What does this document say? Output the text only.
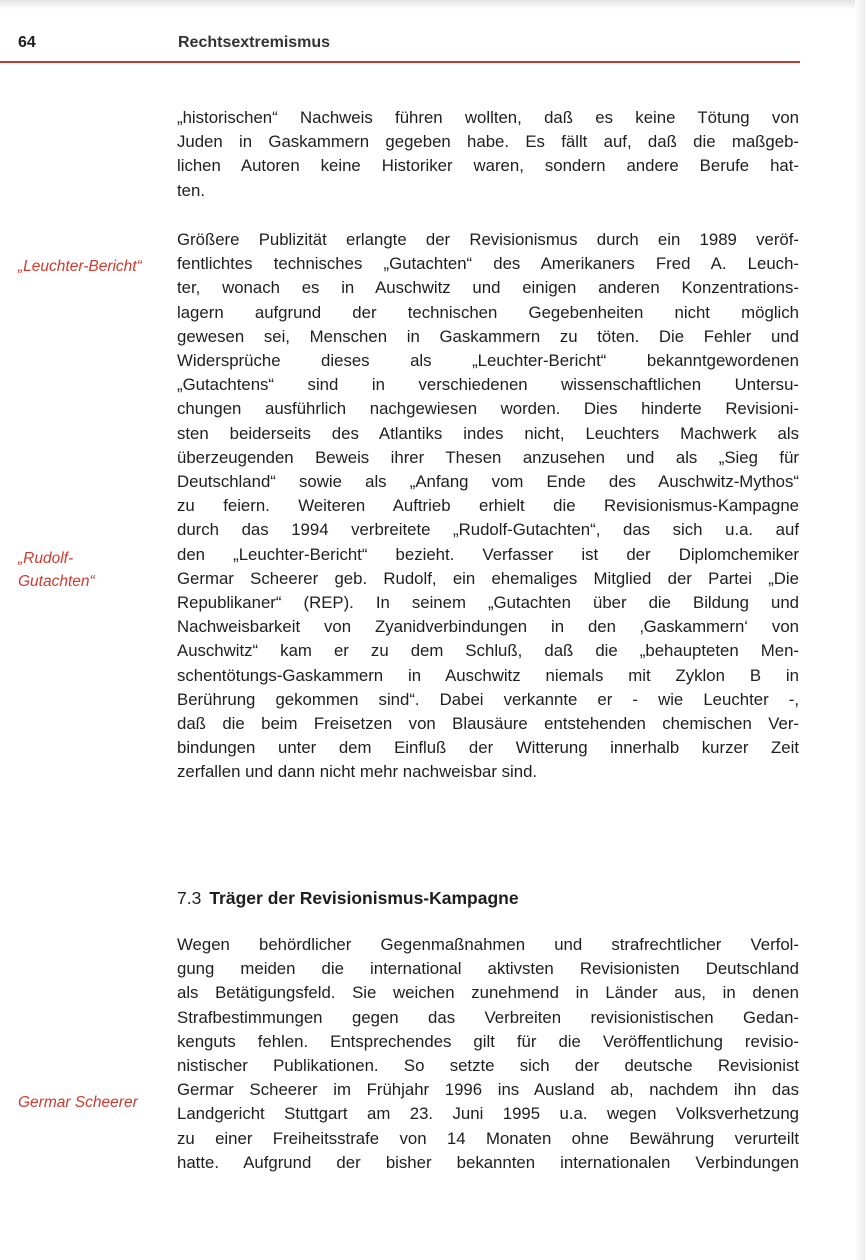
64	Rechtsextremismus
„Leuchter-Bericht“
„Rudolf-
Gutachten“
Germar Scheerer
„historischen“ Nachweis führen wollten, daß es keine Tötung von
Juden in Gaskammern gegeben habe. Es fällt auf, daß die maßgeb-
lichen Autoren keine Historiker waren, sondern andere Berufe hat-
ten.
Größere Publizität erlangte der Revisionismus durch ein 1989 veröf-
fentlichtes technisches „Gutachten“ des Amerikaners Fred A. Leuch-
ter, wonach es in Auschwitz und einigen anderen Konzentrations-
lagern aufgrund der technischen Gegebenheiten nicht möglich
gewesen sei, Menschen in Gaskammern zu töten. Die Fehler und
Widersprüche dieses als „Leuchter-Bericht“ bekanntgewordenen
„Gutachtens“ sind in verschiedenen wissenschaftlichen Untersu-
chungen ausführlich nachgewiesen worden. Dies hinderte Revisioni-
sten beiderseits des Atlantiks indes nicht, Leuchters Machwerk als
überzeugenden Beweis ihrer Thesen anzusehen und als „Sieg für
Deutschland“ sowie als „Anfang vom Ende des Auschwitz-Mythos“
zu feiern. Weiteren Auftrieb erhielt die Revisionismus-Kampagne
durch das 1994 verbreitete „Rudolf-Gutachten“, das sich u.a. auf
den „Leuchter-Bericht“ bezieht. Verfasser ist der Diplomchemiker
Germar Scheerer geb. Rudolf, ein ehemaliges Mitglied der Partei „Die
Republikaner“ (REP). In seinem „Gutachten über die Bildung und
Nachweisbarkeit von Zyanidverbindungen in den ‚Gaskammern‘ von
Auschwitz“ kam er zu dem Schluß, daß die „behaupteten Men-
schentötungs-Gaskammern in Auschwitz niemals mit Zyklon B in
Berührung gekommen sind“. Dabei verkannte er - wie Leuchter -,
daß die beim Freisetzen von Blausäure entstehenden chemischen Ver-
bindungen unter dem Einfluß der Witterung innerhalb kurzer Zeit
zerfallen und dann nicht mehr nachweisbar sind.
7.3 Träger der Revisionismus-Kampagne
Wegen behördlicher Gegenmaßnahmen und strafrechtlicher Verfol-
gung meiden die international aktivsten Revisionisten Deutschland
als Betätigungsfeld. Sie weichen zunehmend in Länder aus, in denen
Strafbestimmungen gegen das Verbreiten revisionistischen Gedan-
kenguts fehlen. Entsprechendes gilt für die Veröffentlichung revisio-
nistischer Publikationen. So setzte sich der deutsche Revisionist
Germar Scheerer im Frühjahr 1996 ins Ausland ab, nachdem ihn das
Landgericht Stuttgart am 23. Juni 1995 u.a. wegen Volksverhetzung
zu einer Freiheitsstrafe von 14 Monaten ohne Bewährung verurteilt
hatte. Aufgrund der bisher bekannten internationalen Verbindungen
